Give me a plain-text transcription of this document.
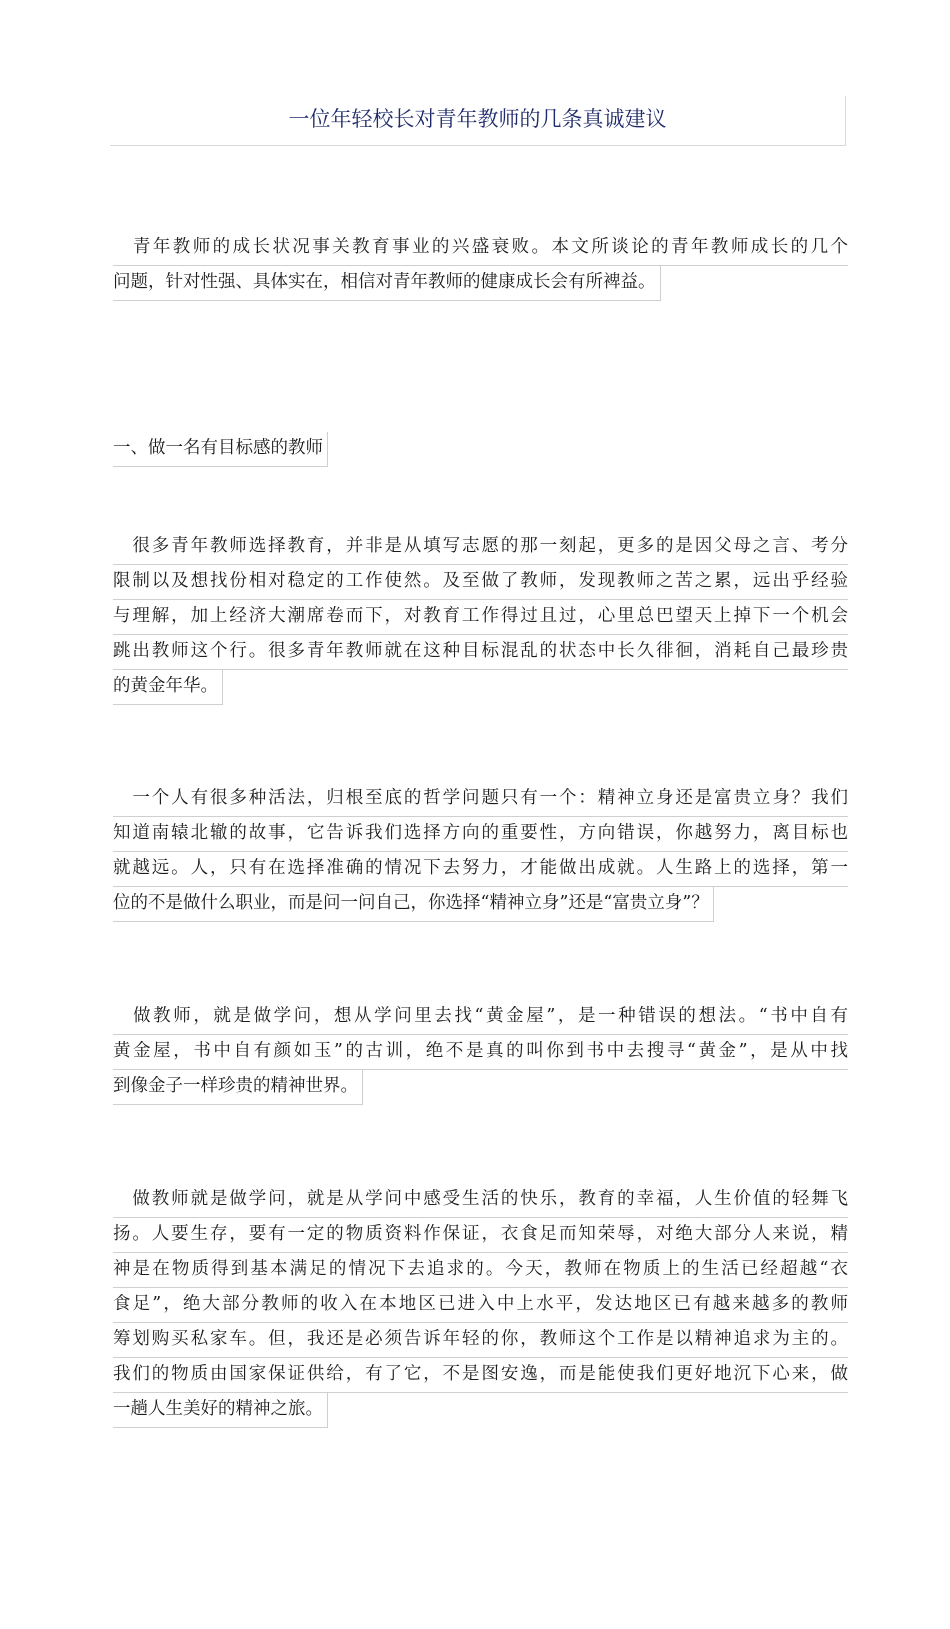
一位年轻校长对青年教师的几条真诚建议
　青年教师的成长状况事关教育事业的兴盛衰败。本文所谈论的青年教师成长的几个
问题，针对性强、具体实在，相信对青年教师的健康成长会有所裨益。
一、做一名有目标感的教师
　很多青年教师选择教育，并非是从填写志愿的那一刻起，更多的是因父母之言、考分
限制以及想找份相对稳定的工作使然。及至做了教师，发现教师之苦之累，远出乎经验
与理解，加上经济大潮席卷而下，对教育工作得过且过，心里总巴望天上掉下一个机会
跳出教师这个行。很多青年教师就在这种目标混乱的状态中长久徘徊，消耗自己最珍贵
的黄金年华。
　一个人有很多种活法，归根至底的哲学问题只有一个：精神立身还是富贵立身？我们
知道南辕北辙的故事，它告诉我们选择方向的重要性，方向错误，你越努力，离目标也
就越远。人，只有在选择准确的情况下去努力，才能做出成就。人生路上的选择，第一
位的不是做什么职业，而是问一问自己，你选择“精神立身”还是“富贵立身”？
　做教师，就是做学问，想从学问里去找“黄金屋”，是一种错误的想法。“书中自有
黄金屋，书中自有颜如玉”的古训，绝不是真的叫你到书中去搜寻“黄金”，是从中找
到像金子一样珍贵的精神世界。
　做教师就是做学问，就是从学问中感受生活的快乐，教育的幸福，人生价值的轻舞飞
扬。人要生存，要有一定的物质资料作保证，衣食足而知荣辱，对绝大部分人来说，精
神是在物质得到基本满足的情况下去追求的。今天，教师在物质上的生活已经超越“衣
食足”，绝大部分教师的收入在本地区已进入中上水平，发达地区已有越来越多的教师
筹划购买私家车。但，我还是必须告诉年轻的你，教师这个工作是以精神追求为主的。
我们的物质由国家保证供给，有了它，不是图安逸，而是能使我们更好地沉下心来，做
一趟人生美好的精神之旅。
